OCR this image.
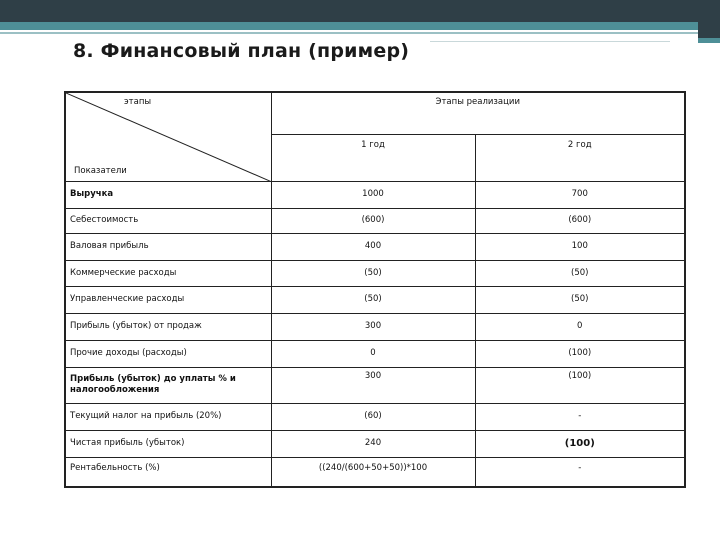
8. Финансовый план (пример)
этапы
Показатели	Этапы реализации	
	1 год	2 год
Выручка	1000	700
Себестоимость	(600)	(600)
Валовая прибыль	400	100
Коммерческие расходы	(50)	(50)
Управленческие расходы	(50)	(50)
Прибыль (убыток) от продаж	300	0
Прочие доходы (расходы)	0	(100)
Прибыль (убыток) до уплаты % и налогообложения	300	(100)
Текущий налог на прибыль (20%)	(60)	-
Чистая прибыль (убыток)	240	(100)
Рентабельность (%)	((240/(600+50+50))*100	-
